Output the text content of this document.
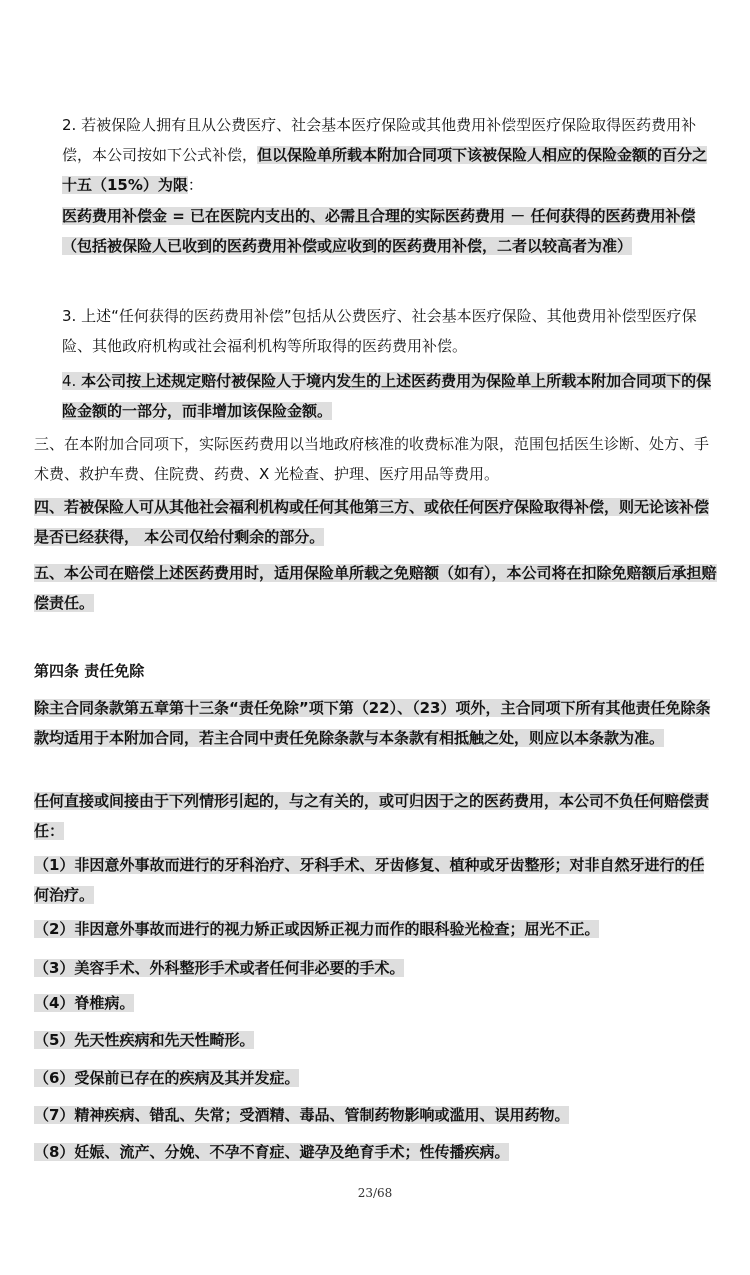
2. 若被保险人拥有且从公费医疗、社会基本医疗保险或其他费用补偿型医疗保险取得医药费用补偿，本公司按如下公式补偿，但以保险单所载本附加合同项下该被保险人相应的保险金额的百分之十五（15%）为限：

医药费用补偿金 = 已在医院内支出的、必需且合理的实际医药费用 － 任何获得的医药费用补偿（包括被保险人已收到的医药费用补偿或应收到的医药费用补偿，二者以较高者为准）

3. 上述“任何获得的医药费用补偿”包括从公费医疗、社会基本医疗保险、其他费用补偿型医疗保险、其他政府机构或社会福利机构等所取得的医药费用补偿。

4. 本公司按上述规定赔付被保险人于境内发生的上述医药费用为保险单上所载本附加合同项下的保险金额的一部分，而非增加该保险金额。

三、在本附加合同项下，实际医药费用以当地政府核准的收费标准为限，范围包括医生诊断、处方、手术费、救护车费、住院费、药费、X 光检查、护理、医疗用品等费用。

四、若被保险人可从其他社会福利机构或任何其他第三方、或依任何医疗保险取得补偿，则无论该补偿是否已经获得， 本公司仅给付剩余的部分。

五、本公司在赔偿上述医药费用时，适用保险单所载之免赔额（如有），本公司将在扣除免赔额后承担赔偿责任。

第四条 责任免除

除主合同条款第五章第十三条“责任免除”项下第（22）、（23）项外，主合同项下所有其他责任免除条款均适用于本附加合同，若主合同中责任免除条款与本条款有相抵触之处，则应以本条款为准。

任何直接或间接由于下列情形引起的，与之有关的，或可归因于之的医药费用，本公司不负任何赔偿责任：

（1）非因意外事故而进行的牙科治疗、牙科手术、牙齿修复、植种或牙齿整形；对非自然牙进行的任何治疗。

（2）非因意外事故而进行的视力矫正或因矫正视力而作的眼科验光检查；屈光不正。

（3）美容手术、外科整形手术或者任何非必要的手术。

（4）脊椎病。

（5）先天性疾病和先天性畸形。

（6）受保前已存在的疾病及其并发症。

（7）精神疾病、错乱、失常；受酒精、毒品、管制药物影响或滥用、误用药物。

（8）妊娠、流产、分娩、不孕不育症、避孕及绝育手术；性传播疾病。

23/68
